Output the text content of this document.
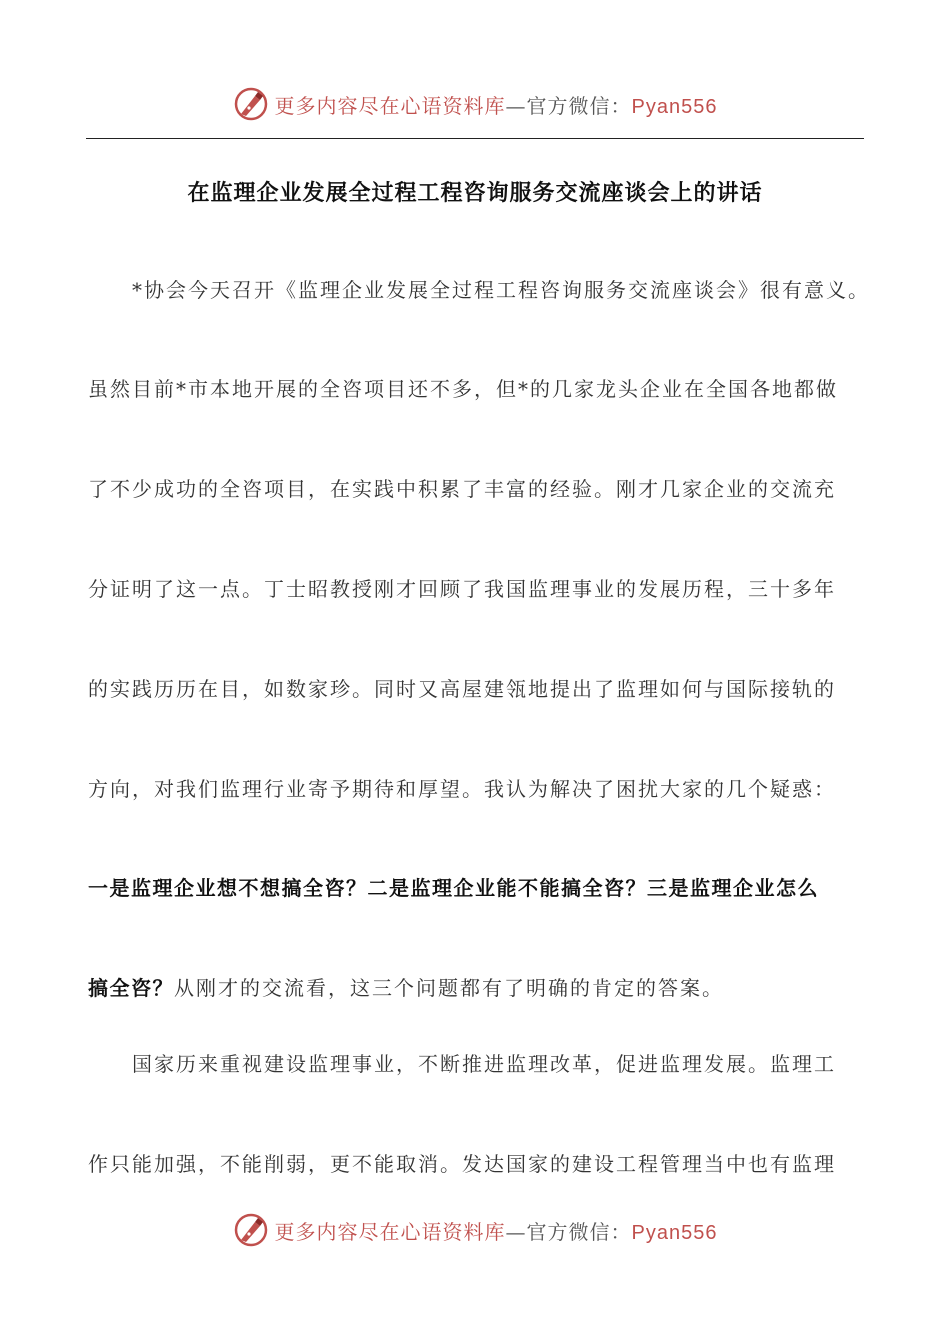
更多内容尽在心语资料库—官方微信：Pyan556
在监理企业发展全过程工程咨询服务交流座谈会上的讲话
*协会今天召开《监理企业发展全过程工程咨询服务交流座谈会》很有意义。
虽然目前*市本地开展的全咨项目还不多，但*的几家龙头企业在全国各地都做
了不少成功的全咨项目，在实践中积累了丰富的经验。刚才几家企业的交流充
分证明了这一点。丁士昭教授刚才回顾了我国监理事业的发展历程，三十多年
的实践历历在目，如数家珍。同时又高屋建瓴地提出了监理如何与国际接轨的
方向，对我们监理行业寄予期待和厚望。我认为解决了困扰大家的几个疑惑：
一是监理企业想不想搞全咨？二是监理企业能不能搞全咨？三是监理企业怎么
搞全咨？从刚才的交流看，这三个问题都有了明确的肯定的答案。
国家历来重视建设监理事业，不断推进监理改革，促进监理发展。监理工
作只能加强，不能削弱，更不能取消。发达国家的建设工程管理当中也有监理
更多内容尽在心语资料库—官方微信：Pyan556
